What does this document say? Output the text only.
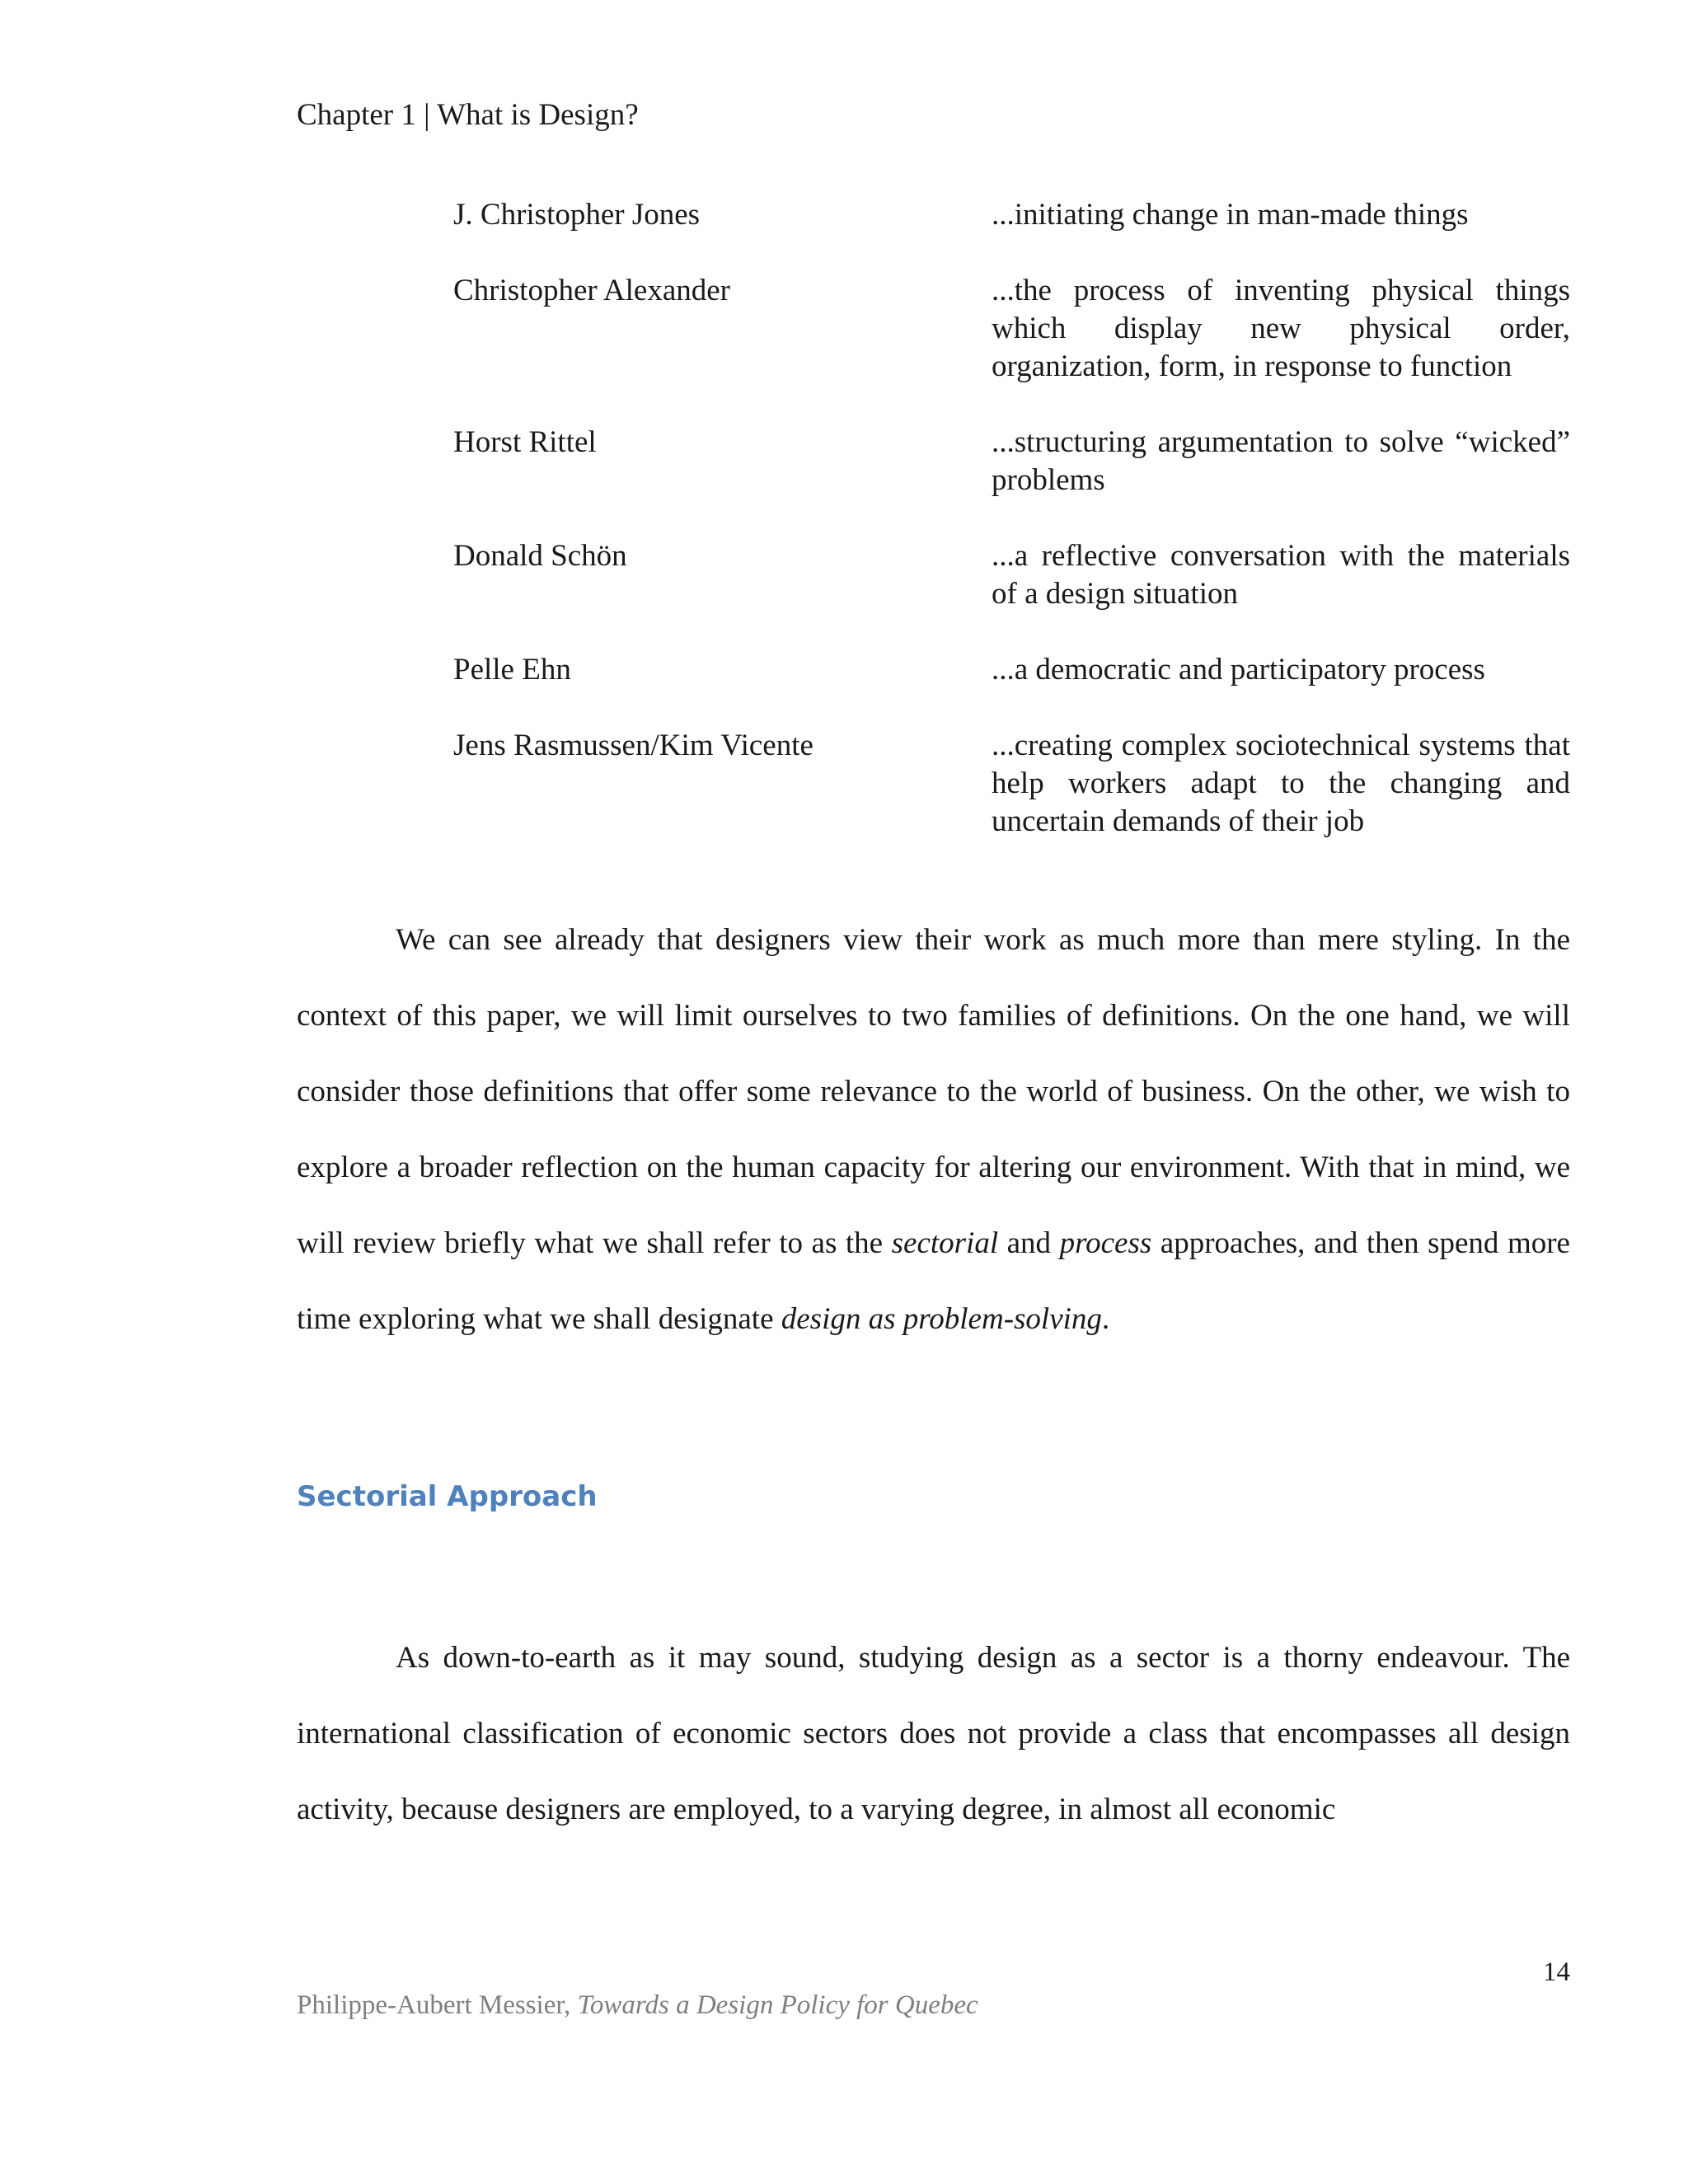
Chapter 1 | What is Design?
J. Christopher Jones	...initiating change in man-made things
Christopher Alexander	...the process of inventing physical things which display new physical order, organization, form, in response to function
Horst Rittel	...structuring argumentation to solve “wicked” problems
Donald Schön	...a reflective conversation with the materials of a design situation
Pelle Ehn	...a democratic and participatory process
Jens Rasmussen/Kim Vicente	...creating complex sociotechnical systems that help workers adapt to the changing and uncertain demands of their job

We can see already that designers view their work as much more than mere styling. In the context of this paper, we will limit ourselves to two families of definitions. On the one hand, we will consider those definitions that offer some relevance to the world of business. On the other, we wish to explore a broader reflection on the human capacity for altering our environment. With that in mind, we will review briefly what we shall refer to as the sectorial and process approaches, and then spend more time exploring what we shall designate design as problem-solving.

Sectorial Approach

As down-to-earth as it may sound, studying design as a sector is a thorny endeavour. The international classification of economic sectors does not provide a class that encompasses all design activity, because designers are employed, to a varying degree, in almost all economic

14
Philippe-Aubert Messier, Towards a Design Policy for Quebec
